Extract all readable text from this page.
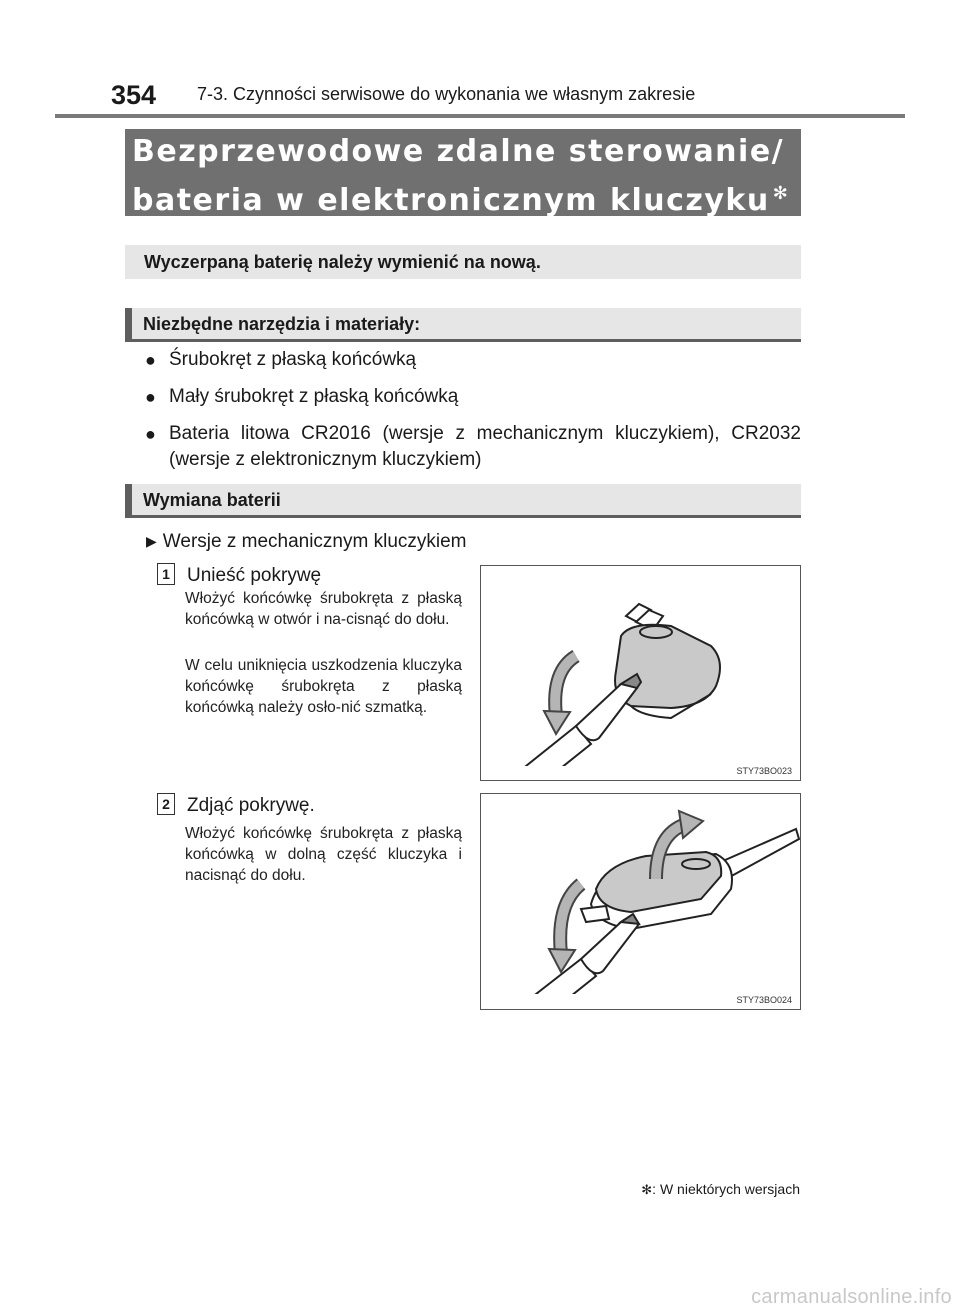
354 7-3. Czynności serwisowe do wykonania we własnym zakresie
Bezprzewodowe zdalne sterowanie/
bateria w elektronicznym kluczyku ✻
Wyczerpaną baterię należy wymienić na nową.
Niezbędne narzędzia i materiały:
● Śrubokręt z płaską końcówką
● Mały śrubokręt z płaską końcówką
● Bateria litowa CR2016 (wersje z mechanicznym kluczykiem), CR2032 (wersje z elektronicznym kluczykiem)
Wymiana baterii
▶ Wersje z mechanicznym kluczykiem
1 Unieść pokrywę
Włożyć końcówkę śrubokręta z płaską końcówką w otwór i na-cisnąć do dołu.
W celu uniknięcia uszkodzenia kluczyka końcówkę śrubokręta z płaską końcówką należy osło-nić szmatką.
STY73BO023
2 Zdjąć pokrywę.
Włożyć końcówkę śrubokręta z płaską końcówką w dolną część kluczyka i nacisnąć do dołu.
STY73BO024
✻: W niektórych wersjach
carmanualsonline.info
